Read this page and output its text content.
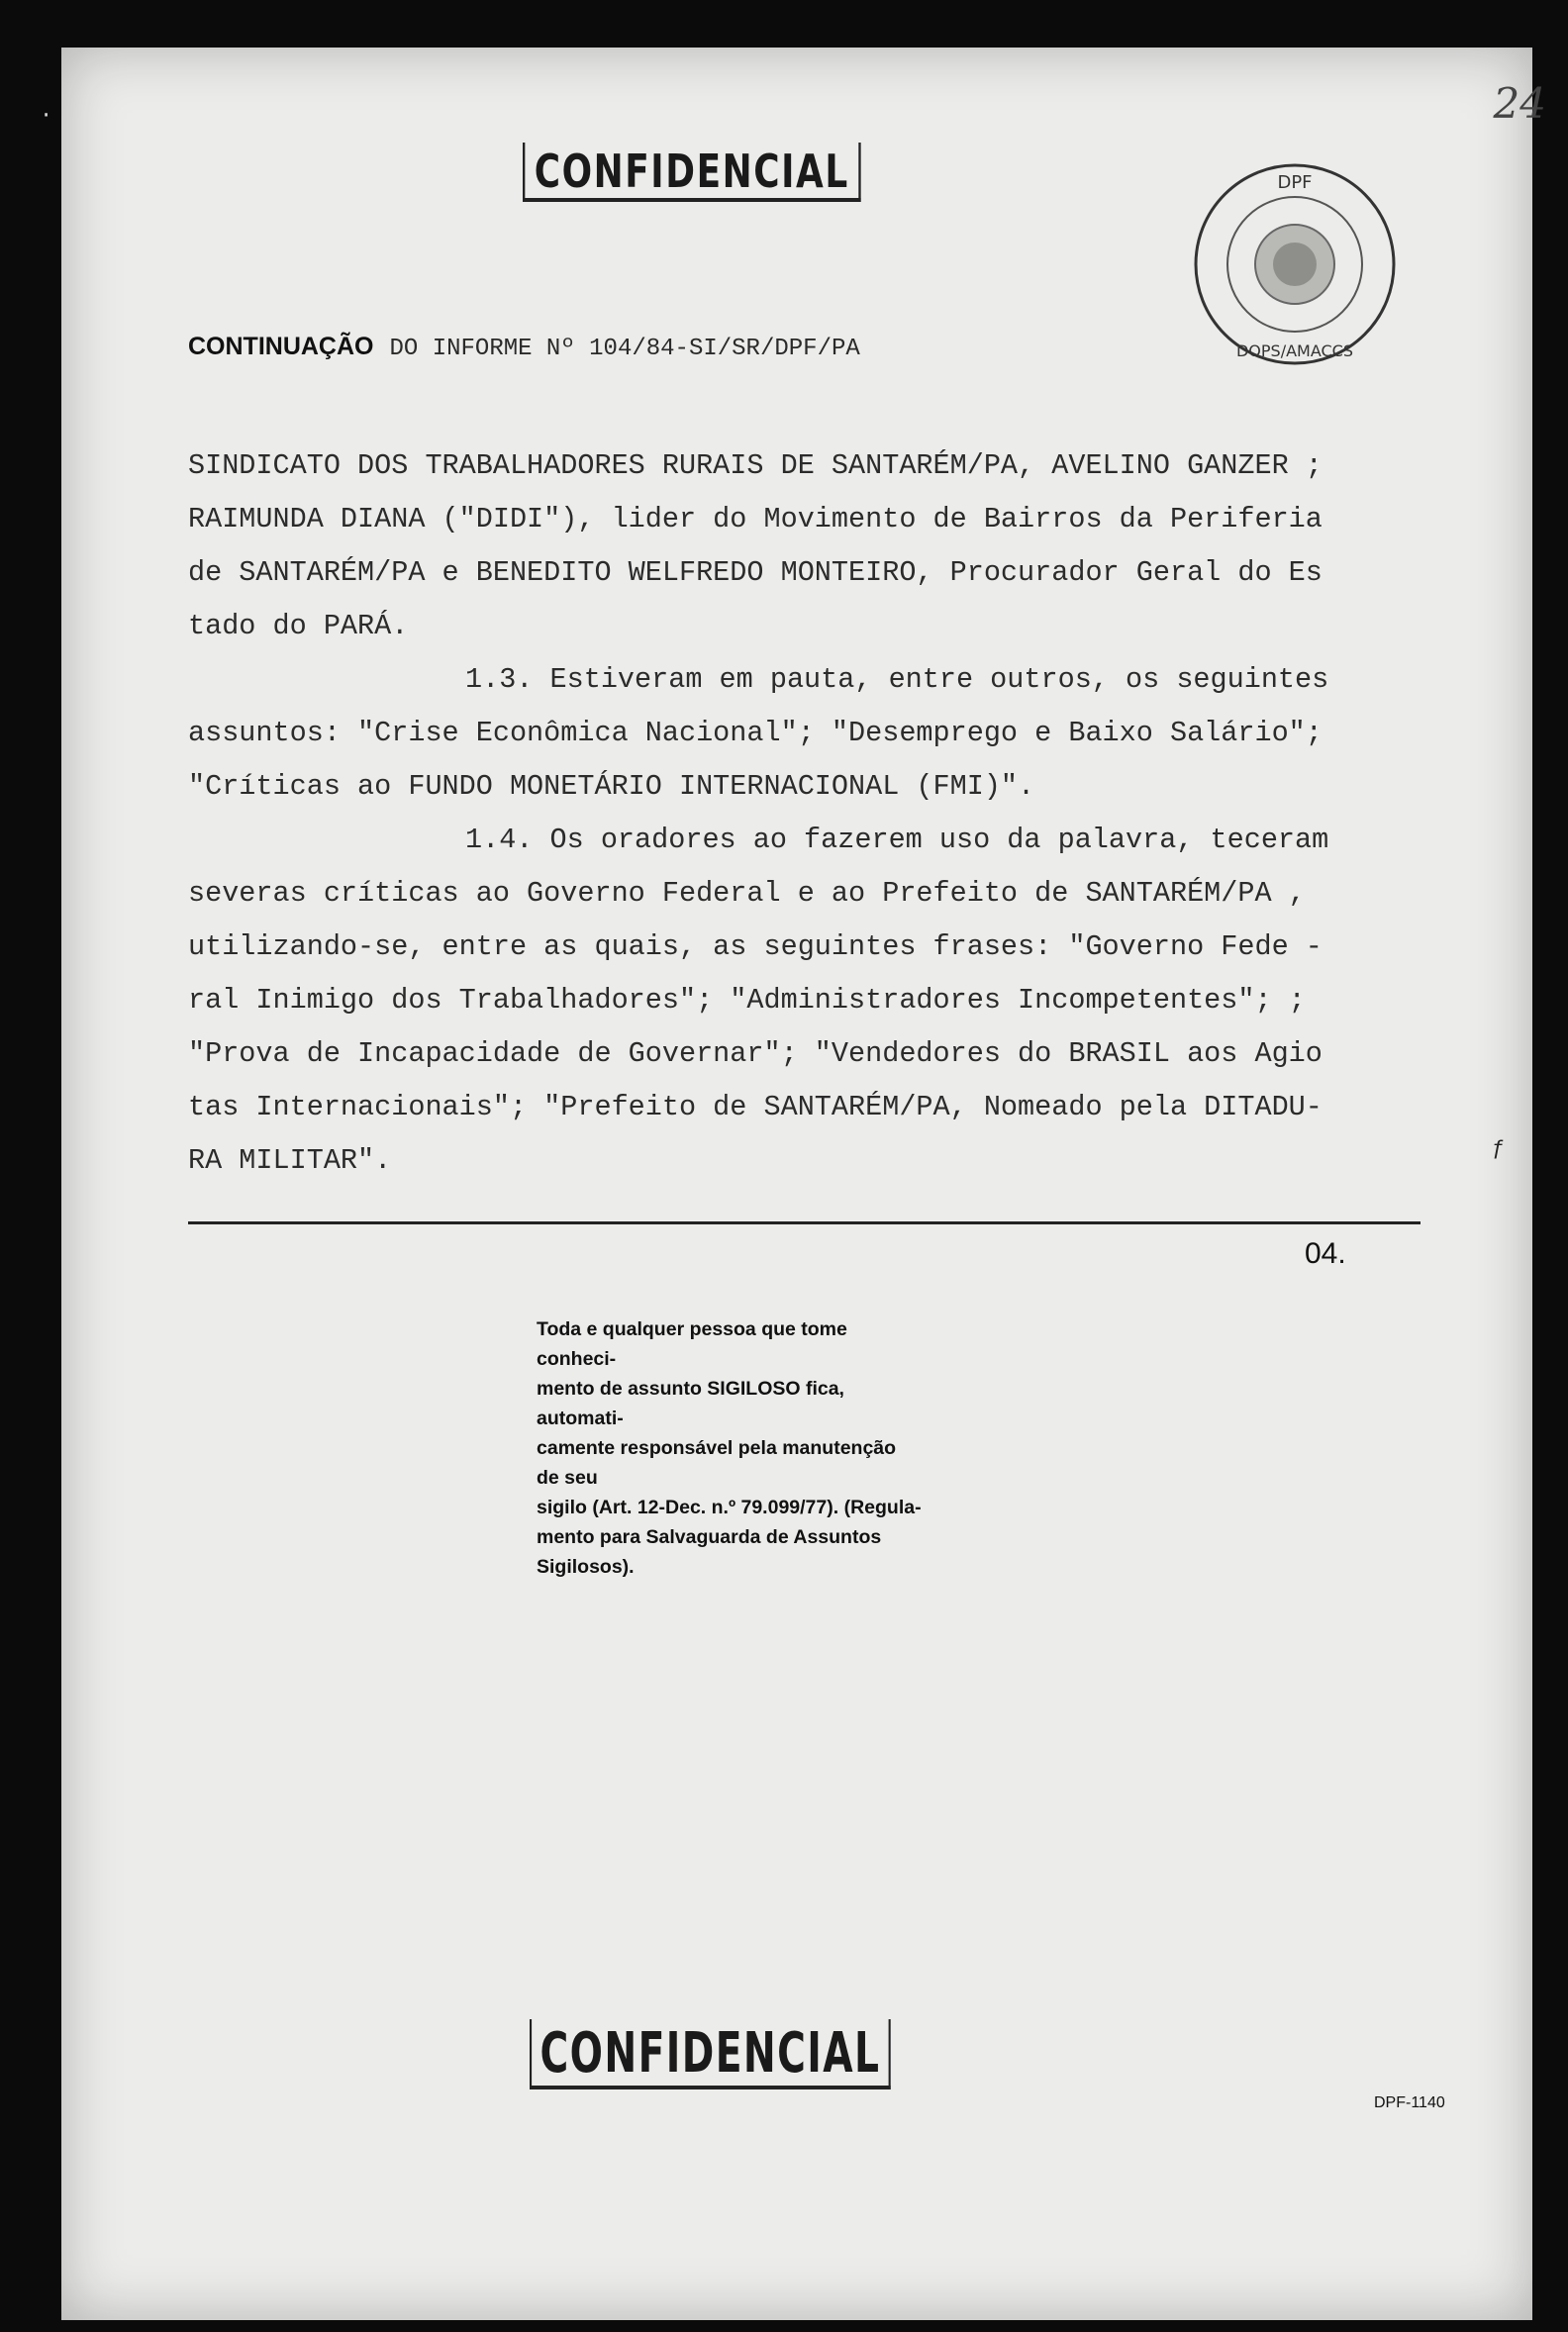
·
ƒ
24
CONFIDENCIAL	DPF
DOPS/AMACCS
CONTINUAÇÃO DO INFORME Nº 104/84-SI/SR/DPF/PA

SINDICATO DOS TRABALHADORES RURAIS DE SANTARÉM/PA, AVELINO GANZER ;

RAIMUNDA DIANA ("DIDI"), lider do Movimento de Bairros da Periferia

de SANTARÉM/PA e BENEDITO WELFREDO MONTEIRO, Procurador Geral do Es

tado do PARÁ.

1.3. Estiveram em pauta, entre outros, os seguintes

assuntos: "Crise Econômica Nacional"; "Desemprego e Baixo Salário";

"Críticas ao FUNDO MONETÁRIO INTERNACIONAL (FMI)".

1.4. Os oradores ao fazerem uso da palavra, teceram

severas críticas ao Governo Federal e ao Prefeito de SANTARÉM/PA ,

utilizando-se, entre as quais, as seguintes frases: "Governo Fede -

ral Inimigo dos Trabalhadores"; "Administradores Incompetentes"; ;

"Prova de Incapacidade de Governar"; "Vendedores do BRASIL aos Agio

tas Internacionais"; "Prefeito de SANTARÉM/PA, Nomeado pela DITADU-

RA MILITAR".

04.
Toda e qualquer pessoa que tome conheci-
mento de assunto SIGILOSO fica, automati-
camente responsável pela manutenção de seu
sigilo (Art. 12-Dec. n.º 79.099/77). (Regula-
mento para Salvaguarda de Assuntos Sigilosos).
CONFIDENCIAL
DPF-1140
